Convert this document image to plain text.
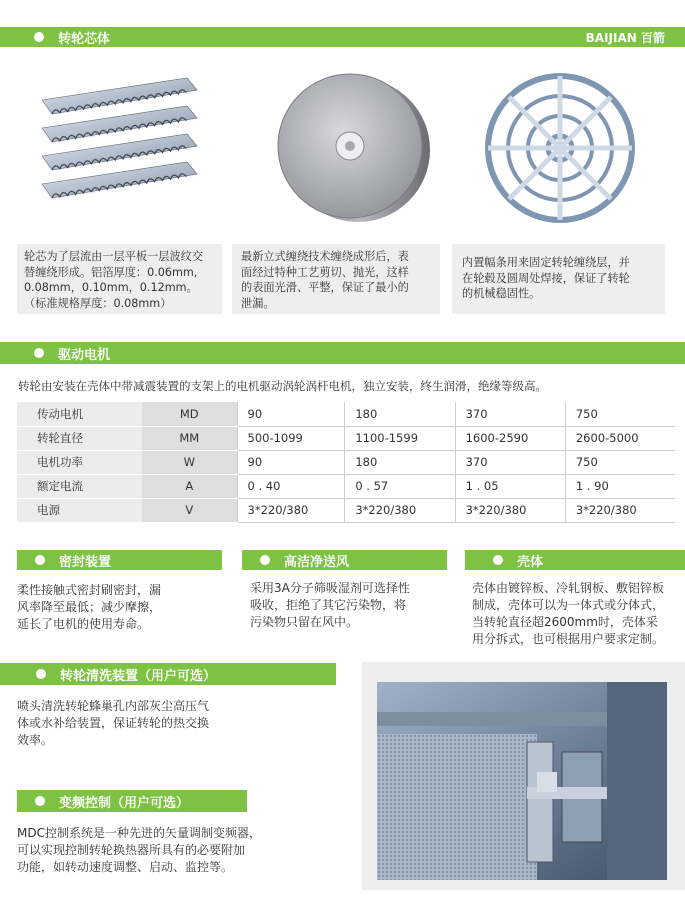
转轮芯体	BAIJIAN 百箭
轮芯为了层流由一层平板一层波纹交
替缠绕形成。铝箔厚度：0.06mm,
0.08mm，0.10mm，0.12mm。
（标准规格厚度：0.08mm）
最新立式缠绕技术缠绕成形后，表
面经过特种工艺剪切、抛光，这样
的表面光滑、平整，保证了最小的
泄漏。
内置幅条用来固定转轮缠绕层，并
在轮毂及圆周处焊接，保证了转轮
的机械稳固性。
驱动电机
转轮由安装在壳体中带减震装置的支架上的电机驱动涡轮涡杆电机，独立安装，终生润滑，绝缘等级高。
传动电机	MD	90	180	370	750
转轮直径	MM	500-1099	1100-1599	1600-2590	2600-5000
电机功率	W	90	180	370	750
额定电流	A	0 . 40	0 . 57	1 . 05	1 . 90
电源	V	3*220/380	3*220/380	3*220/380	3*220/380
密封装置	高洁净送风	壳体
柔性接触式密封刷密封，漏
风率降至最低；减少摩擦，
延长了电机的使用寿命。
采用3A分子筛吸湿剂可选择性
吸收，拒绝了其它污染物，将
污染物只留在风中。
壳体由镀锌板、冷轧钢板、敷铝锌板
制成，壳体可以为一体式或分体式，
当转轮直径超2600mm时，壳体采
用分拆式，也可根据用户要求定制。
转轮清洗装置（用户可选）
喷头清洗转轮蜂巢孔内部灰尘高压气
体或水补给装置，保证转轮的热交换
效率。
变频控制（用户可选）
MDC控制系统是一种先进的矢量调制变频器，
可以实现控制转轮换热器所具有的必要附加
功能，如转动速度调整、启动、监控等。
